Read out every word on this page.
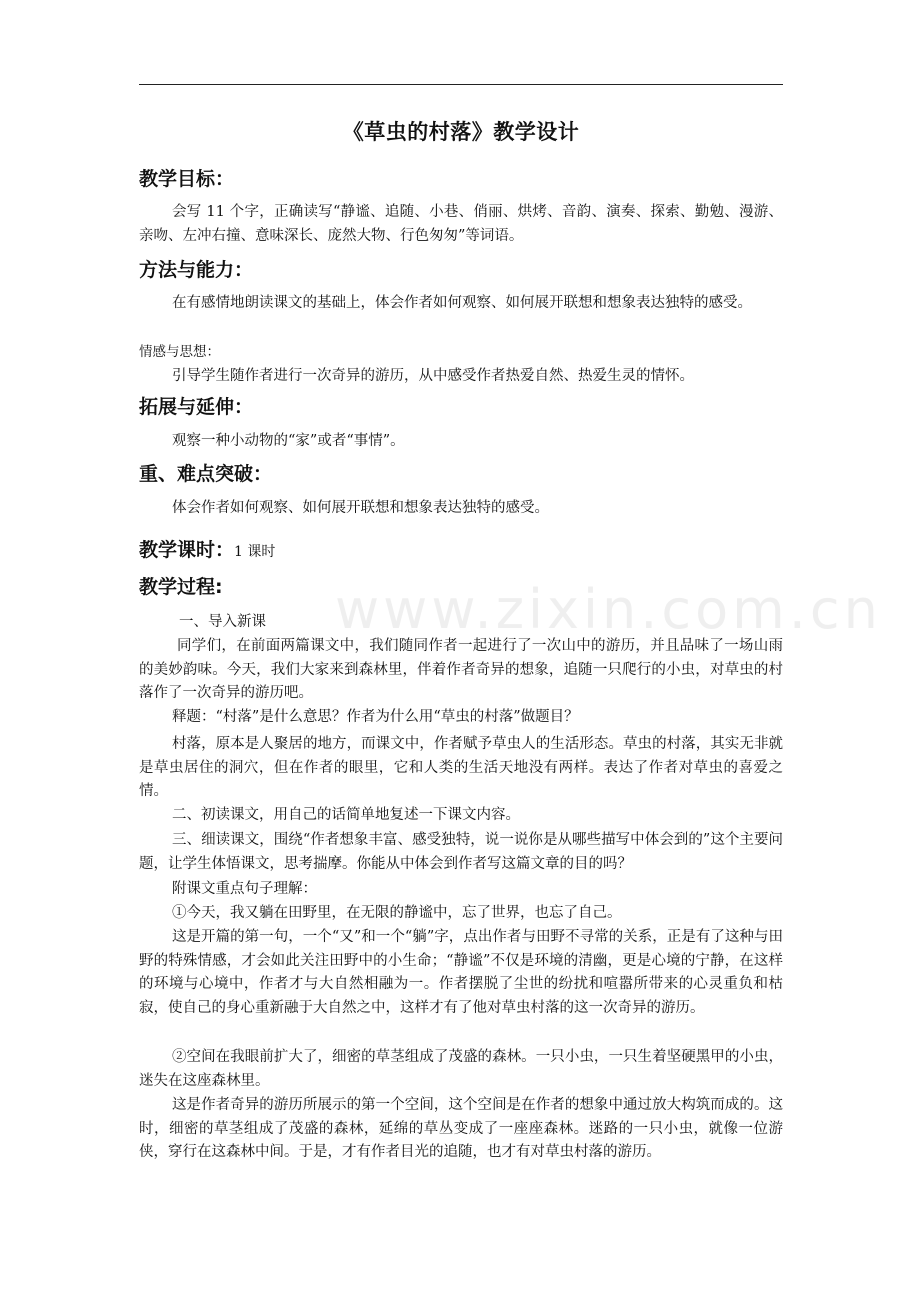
《草虫的村落》教学设计
教学目标：
会写 11 个字，正确读写“静谧、追随、小巷、俏丽、烘烤、音韵、演奏、探索、勤勉、漫游、亲吻、左冲右撞、意味深长、庞然大物、行色匆匆”等词语。
方法与能力：
在有感情地朗读课文的基础上，体会作者如何观察、如何展开联想和想象表达独特的感受。
情感与思想：
引导学生随作者进行一次奇异的游历，从中感受作者热爱自然、热爱生灵的情怀。
拓展与延伸：
观察一种小动物的“家”或者“事情”。
重、难点突破：
体会作者如何观察、如何展开联想和想象表达独特的感受。
教学课时：1 课时
教学过程: www.zixin.com.cn
一、导入新课
同学们，在前面两篇课文中，我们随同作者一起进行了一次山中的游历，并且品味了一场山雨的美妙韵味。今天，我们大家来到森林里，伴着作者奇异的想象，追随一只爬行的小虫，对草虫的村落作了一次奇异的游历吧。
释题：“村落”是什么意思？作者为什么用“草虫的村落”做题目？
村落，原本是人聚居的地方，而课文中，作者赋予草虫人的生活形态。草虫的村落，其实无非就是草虫居住的洞穴，但在作者的眼里，它和人类的生活天地没有两样。表达了作者对草虫的喜爱之情。
二、初读课文，用自己的话简单地复述一下课文内容。
三、细读课文，围绕“作者想象丰富、感受独特，说一说你是从哪些描写中体会到的”这个主要问题，让学生体悟课文，思考揣摩。你能从中体会到作者写这篇文章的目的吗？
附课文重点句子理解：
①今天，我又躺在田野里，在无限的静谧中，忘了世界，也忘了自己。
这是开篇的第一句，一个“又”和一个“躺”字，点出作者与田野不寻常的关系，正是有了这种与田野的特殊情感，才会如此关注田野中的小生命；“静谧”不仅是环境的清幽，更是心境的宁静，在这样的环境与心境中，作者才与大自然相融为一。作者摆脱了尘世的纷扰和喧嚣所带来的心灵重负和枯寂，使自己的身心重新融于大自然之中，这样才有了他对草虫村落的这一次奇异的游历。
②空间在我眼前扩大了，细密的草茎组成了茂盛的森林。一只小虫，一只生着坚硬黑甲的小虫，迷失在这座森林里。
这是作者奇异的游历所展示的第一个空间，这个空间是在作者的想象中通过放大构筑而成的。这时，细密的草茎组成了茂盛的森林，延绵的草丛变成了一座座森林。迷路的一只小虫，就像一位游侠，穿行在这森林中间。于是，才有作者目光的追随，也才有对草虫村落的游历。
